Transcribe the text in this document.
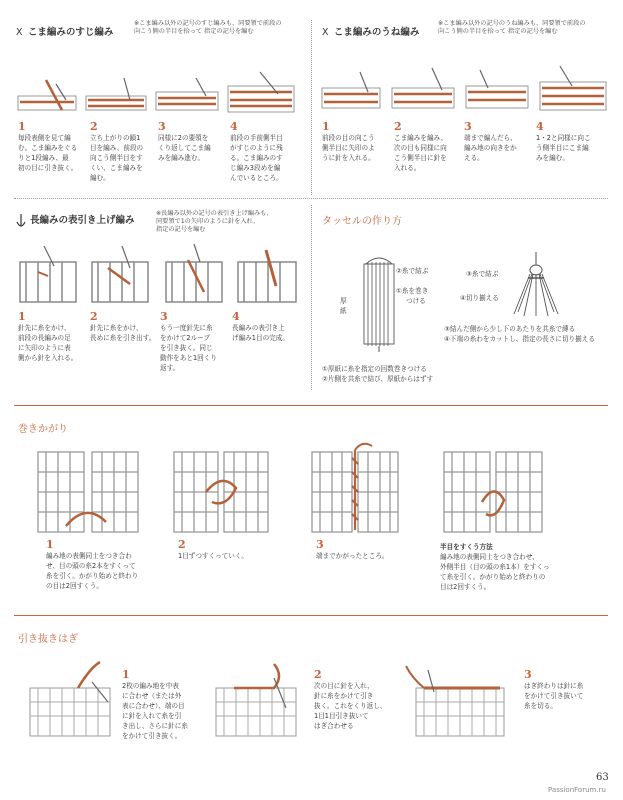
X こま編みのすじ編み
※こま編み以外の記号のすじ編みも、同要領で前段の
向こう側の半目を拾って 指定の記号を編む
1
毎段表側を見て編
む。こま編みをぐる
りと1段編み、最
初の目に引き抜く。
2
立ち上がりの鎖1
目を編み、前段の
向こう側半目をす
くい、こま編みを
編む。
3
同様に2の要領を
くり返してこま編
みを編み進む。
4
前段の手前側半目
がすじのように残
る。こま編みのす
じ編み3段めを編
んでいるところ。
X こま編みのうね編み
※こま編み以外の記号のうね編みも、同要領で前段の
向こう側の半目を拾って 指定の記号を編む
1
前段の目の向こう
側半目に矢印のよ
うに針を入れる。
2
こま編みを編み、
次の目も同様に向
こう側半目に針を
入れる。
3
端まで編んだら、
編み地の向きをか
える。
4
1・2と同様に向こ
う側半目にこま編
みを編む。
長編みの表引き上げ編み
※長編み以外の記号の表引き上げ編みも、
同要領で1の矢印のように針を入れ、
指定の記号を編む
1
針先に糸をかけ、
前段の長編みの足
に矢印のように表
側から針を入れる。
2
針先に糸をかけ、
長めに糸を引き出す。
3
もう一度針先に糸
をかけて2ループ
を引き抜く。同じ
動作をあと1回くり
返す。
4
長編みの表引き上
げ編み1目の完成。
タッセルの作り方
②糸で結ぶ
①糸を巻き
つける
厚
紙
③糸で結ぶ
④切り揃える
③結んだ側から少し下のあたりを共糸で縛る
④下端の糸わをカットし、指定の長さに切り揃える
①厚紙に糸を指定の回数巻きつける
②片側を共糸で結び、厚紙からはずす
巻きかがり
1
編み地の表側同士をつき合わ
せ、目の頭の糸2本をすくって
糸を引く。かがり始めと終わり
の目は2回すくう。
2
1目ずつすくっていく。
3
端までかがったところ。
半目をすくう方法
編み地の表側同士をつき合わせ、
外側半目（目の頭の糸1本）をすくっ
て糸を引く。かがり始めと終わりの
目は2回すくう。
引き抜きはぎ
1
2枚の編み地を中表
に合わせ（または外
表に合わせ）、端の目
に針を入れて糸を引
き出し、さらに針に糸
をかけて引き抜く。
2
次の目に針を入れ、
針に糸をかけて引き
抜く。これをくり返し、
1目1目引き抜いて
はぎ合わせる
3
はぎ終わりは針に糸
をかけて引き抜いて
糸を切る。
63
PassionForum.ru
